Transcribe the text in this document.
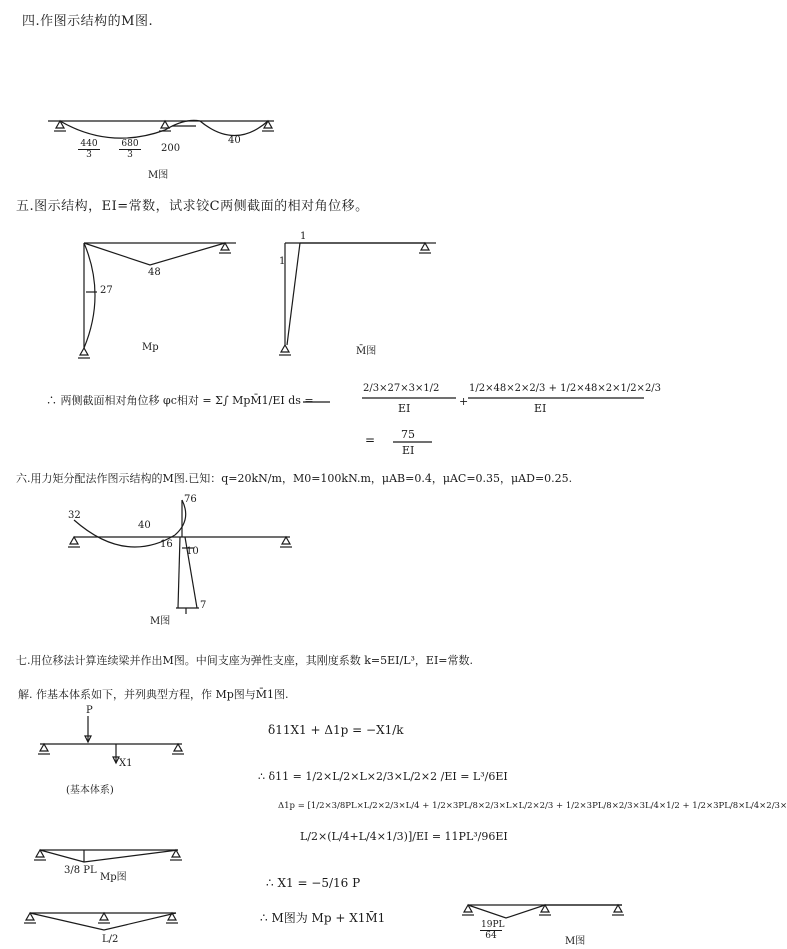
四.作图示结构的M图.
$\frac{440}{3} \frac{680}{3} 200$
40
M图
五.图示结构，EI=常数，试求铰C两侧截面的相对角位移。
48
27
1
1
Mp	M̄图
∴ 两侧截面相对角位移 φc相对 = Σ∫ MpM̄1/EI ds =
2/3×27×3×1/2
+
1/2×48×2×2/3 + 1/2×48×2×1/2×2/3
EI	EI
= 75
EI
六.用力矩分配法作图示结构的M图.已知：q=20kN/m，M0=100kN.m，μAB=0.4，μAC=0.35，μAD=0.25.
32
40
16
10
76
M图
7
七.用位移法计算连续梁并作出M图。中间支座为弹性支座，其刚度系数 k=5EI/L³，EI=常数.
解. 作基本体系如下，并列典型方程，作 Mp图与M̄1图.
P
X1
(基本体系)
δ11X1 + Δ1p = −X1/k
∴ δ11 = 1/2×L/2×L×2/3×L/2×2 /EI = L³/6EI
Δ1p = [1/2×3/8PL×L/2×2/3×L/4 + 1/2×3PL/8×2/3×L×L/2×2/3 + 1/2×3PL/8×2/3×3L/4×1/2 + 1/2×3PL/8×L/4×2/3×
L/2×(L/4+L/4×1/3)]/EI = 11PL³/96EI
∴ X1 = −5/16 P
∴ M图为 Mp + X1M̄1
3/8 PL
Mp图
L/2	$\frac{19PL}{64}$
M图
